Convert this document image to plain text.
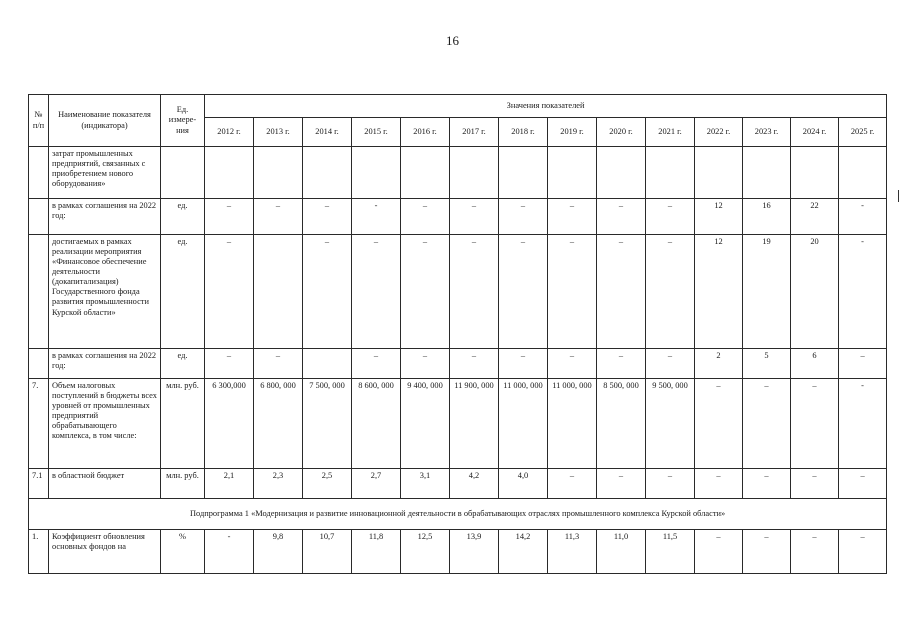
16
№ п/п	Наименование показателя (индикатора)	Ед. измере-ния	Значения показателей													
			2012 г.	2013 г.	2014 г.	2015 г.	2016 г.	2017 г.	2018 г.	2019 г.	2020 г.	2021 г.	2022 г.	2023 г.	2024 г.	2025 г.
	затрат промышленных предприятий, связанных с приобретением нового оборудования»															
	в рамках соглашения на 2022 год:	ед.	–	–	–	-	–	–	–	–	–	–	12	16	22	-
	достигаемых в рамках реализации мероприятия «Финансовое обеспечение деятельности (докапитализация) Государственного фонда развития промышленности Курской области»	ед.	–		–	–	–	–	–	–	–	–	12	19	20	-
	в рамках соглашения на 2022 год:	ед.	–	–		–	–	–	–	–	–	–	2	5	6	–
7.	Объем налоговых поступлений в бюджеты всех уровней от промышленных предприятий обрабатывающего комплекса, в том числе:	млн. руб.	6 300,000	6 800, 000	7 500, 000	8 600, 000	9 400, 000	11 900, 000	11 000, 000	11 000, 000	8 500, 000	9 500, 000	–	–	–	-
7.1	в областной бюджет	млн. руб.	2,1	2,3	2,5	2,7	3,1	4,2	4,0	–	–	–	–	–	–	–
Подпрограмма 1 «Модернизация и развитие инновационной деятельности в обрабатывающих отраслях промышленного комплекса Курской области»																
1.	Коэффициент обновления основных фондов на	%	-	9,8	10,7	11,8	12,5	13,9	14,2	11,3	11,0	11,5	–	–	–	–
